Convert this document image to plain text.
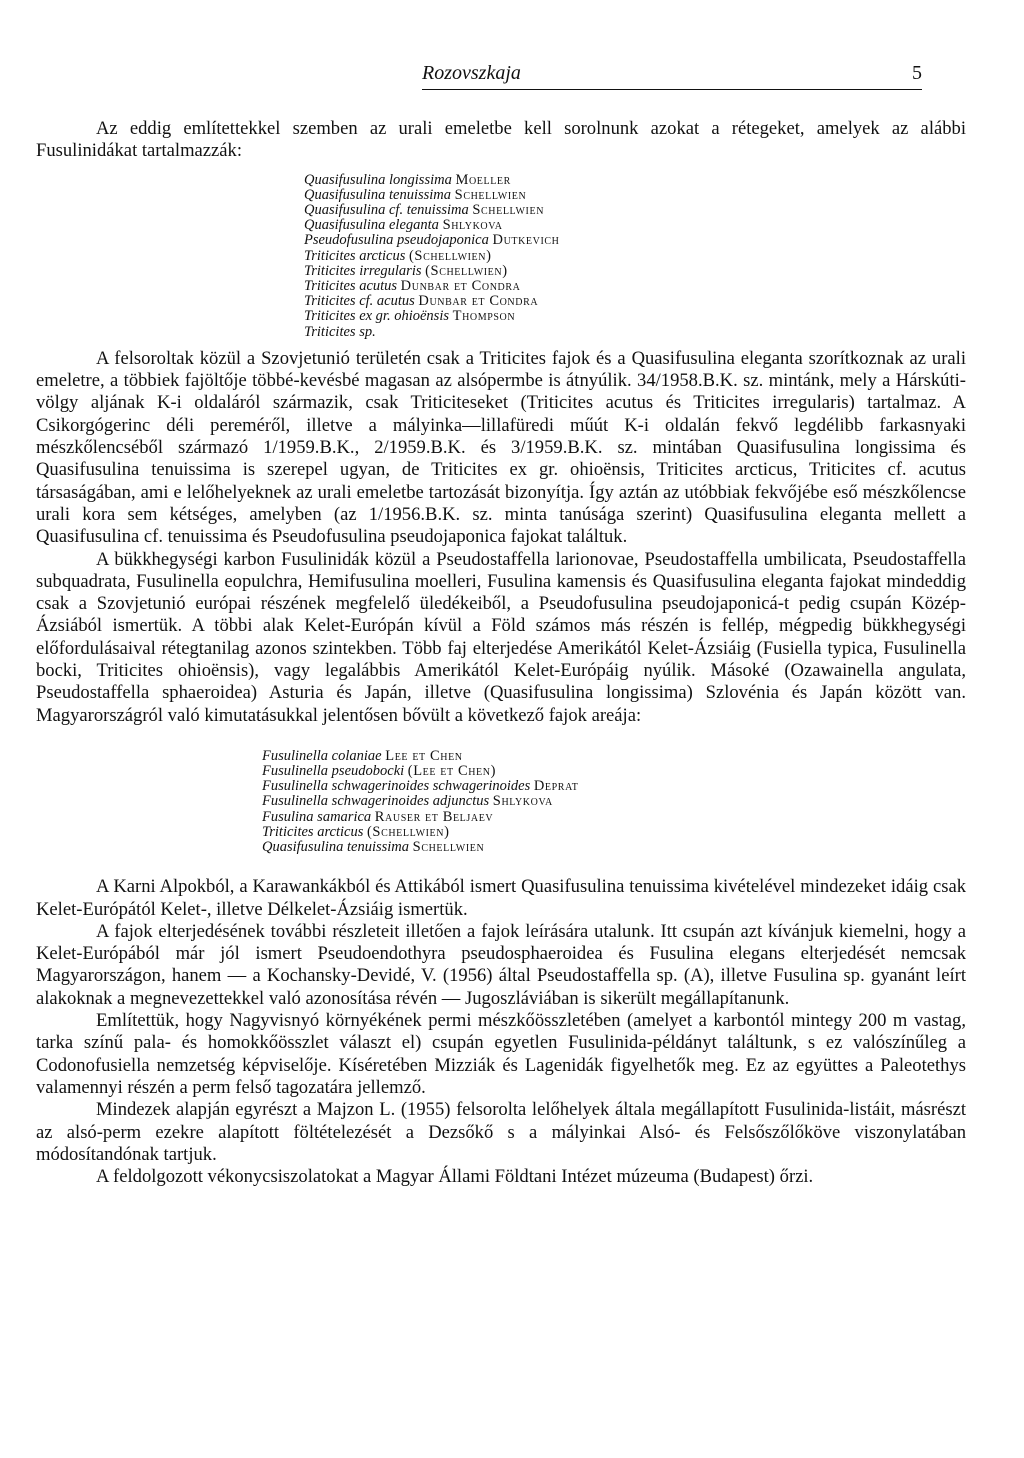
Rozovszkaja	5

Az eddig említettekkel szemben az urali emeletbe kell sorolnunk azokat a rétegeket, amelyek az alábbi Fusulinidákat tartalmazzák:

Quasifusulina longissima Moeller
Quasifusulina tenuissima Schellwien
Quasifusulina cf. tenuissima Schellwien
Quasifusulina eleganta Shlykova
Pseudofusulina pseudojaponica Dutkevich
Triticites arcticus (Schellwien)
Triticites irregularis (Schellwien)
Triticites acutus Dunbar et Condra
Triticites cf. acutus Dunbar et Condra
Triticites ex gr. ohioënsis Thompson
Triticites sp.

A felsoroltak közül a Szovjetunió területén csak a Triticites fajok és a Quasifusulina eleganta szorítkoznak az urali emeletre, a többiek fajöltője többé-kevésbé magasan az alsópermbe is átnyúlik. 34/1958.B.K. sz. mintánk, mely a Hárskúti-völgy aljának K-i oldaláról származik, csak Triticiteseket (Triticites acutus és Triticites irregularis) tartalmaz. A Csikorgógerinc déli pereméről, illetve a mályinka—lillafüredi műút K-i oldalán fekvő legdélibb farkasnyaki mészkőlencséből származó 1/1959.B.K., 2/1959.B.K. és 3/1959.B.K. sz. mintában Quasifusulina longissima és Quasifusulina tenuissima is szerepel ugyan, de Triticites ex gr. ohioënsis, Triticites arcticus, Triticites cf. acutus társaságában, ami e lelőhelyeknek az urali emeletbe tartozását bizonyítja. Így aztán az utóbbiak fekvőjébe eső mészkőlencse urali kora sem kétséges, amelyben (az 1/1956.B.K. sz. minta tanúsága szerint) Quasifusulina eleganta mellett a Quasifusulina cf. tenuissima és Pseudofusulina pseudojaponica fajokat találtuk.

A bükkhegységi karbon Fusulinidák közül a Pseudostaffella larionovae, Pseudostaffella umbilicata, Pseudostaffella subquadrata, Fusulinella eopulchra, Hemifusulina moelleri, Fusulina kamensis és Quasifusulina eleganta fajokat mindeddig csak a Szovjetunió európai részének megfelelő üledékeiből, a Pseudofusulina pseudojaponicá-t pedig csupán Közép-Ázsiából ismertük. A többi alak Kelet-Európán kívül a Föld számos más részén is fellép, mégpedig bükkhegységi előfordulásaival rétegtanilag azonos szintekben. Több faj elterjedése Amerikától Kelet-Ázsiáig (Fusiella typica, Fusulinella bocki, Triticites ohioënsis), vagy legalábbis Amerikától Kelet-Európáig nyúlik. Másoké (Ozawainella angulata, Pseudostaffella sphaeroidea) Asturia és Japán, illetve (Quasifusulina longissima) Szlovénia és Japán között van. Magyarországról való kimutatásukkal jelentősen bővült a következő fajok areája:

Fusulinella colaniae Lee et Chen
Fusulinella pseudobocki (Lee et Chen)
Fusulinella schwagerinoides schwagerinoides Deprat
Fusulinella schwagerinoides adjunctus Shlykova
Fusulina samarica Rauser et Beljaev
Triticites arcticus (Schellwien)
Quasifusulina tenuissima Schellwien

A Karni Alpokból, a Karawankákból és Attikából ismert Quasifusulina tenuissima kivételével mindezeket idáig csak Kelet-Európától Kelet-, illetve Délkelet-Ázsiáig ismertük.

A fajok elterjedésének további részleteit illetően a fajok leírására utalunk. Itt csupán azt kívánjuk kiemelni, hogy a Kelet-Európából már jól ismert Pseudoendothyra pseudosphaeroidea és Fusulina elegans elterjedését nemcsak Magyarországon, hanem — a Kochansky-Devidé, V. (1956) által Pseudostaffella sp. (A), illetve Fusulina sp. gyanánt leírt alakoknak a megnevezettekkel való azonosítása révén — Jugoszláviában is sikerült megállapítanunk.

Említettük, hogy Nagyvisnyó környékének permi mészkőösszletében (amelyet a karbontól mintegy 200 m vastag, tarka színű pala- és homokkőösszlet választ el) csupán egyetlen Fusulinida-példányt találtunk, s ez valószínűleg a Codonofusiella nemzetség képviselője. Kíséretében Mizziák és Lagenidák figyelhetők meg. Ez az együttes a Paleotethys valamennyi részén a perm felső tagozatára jellemző.

Mindezek alapján egyrészt a Majzon L. (1955) felsorolta lelőhelyek általa megállapított Fusulinida-listáit, másrészt az alsó-perm ezekre alapított föltételezését a Dezsőkő s a mályinkai Alsó- és Felsőszőlőköve viszonylatában módosítandónak tartjuk.

A feldolgozott vékonycsiszolatokat a Magyar Állami Földtani Intézet múzeuma (Budapest) őrzi.
